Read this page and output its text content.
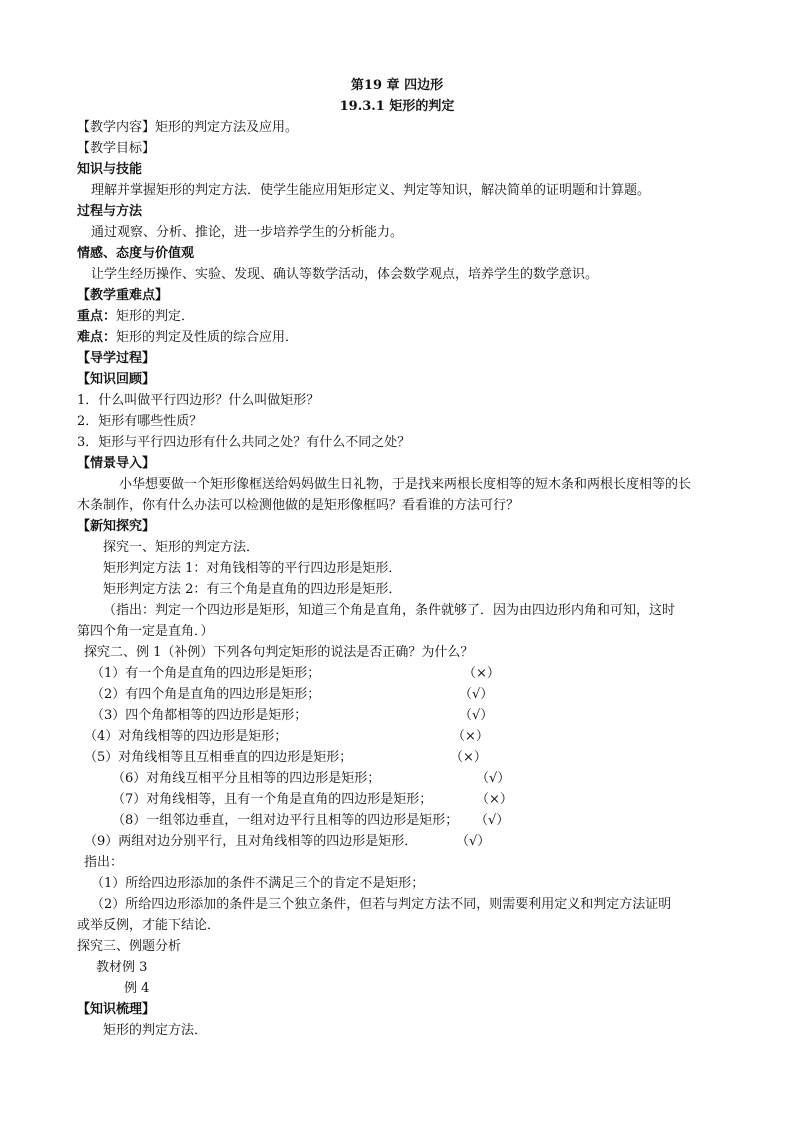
第19 章 四边形
19.3.1 矩形的判定
【教学内容】矩形的判定方法及应用。
【教学目标】
知识与技能
理解并掌握矩形的判定方法．使学生能应用矩形定义、判定等知识，解决简单的证明题和计算题。
过程与方法
通过观察、分析、推论，进一步培养学生的分析能力。
情感、态度与价值观
让学生经历操作、实验、发现、确认等数学活动，体会数学观点，培养学生的数学意识。
【教学重难点】
重点：矩形的判定．
难点：矩形的判定及性质的综合应用．
【导学过程】
【知识回顾】
1．什么叫做平行四边形？什么叫做矩形？
2．矩形有哪些性质？
3．矩形与平行四边形有什么共同之处？有什么不同之处？
【情景导入】
小华想要做一个矩形像框送给妈妈做生日礼物，于是找来两根长度相等的短木条和两根长度相等的长
木条制作，你有什么办法可以检测他做的是矩形像框吗？看看谁的方法可行？
【新知探究】
探究一、矩形的判定方法．
矩形判定方法 1：对角钱相等的平行四边形是矩形．
矩形判定方法 2：有三个角是直角的四边形是矩形．
（指出：判定一个四边形是矩形，知道三个角是直角，条件就够了．因为由四边形内角和可知，这时
第四个角一定是直角．）
探究二、例 1（补例）下列各句判定矩形的说法是否正确？为什么？
（1）有一个角是直角的四边形是矩形；	（×）
（2）有四个角是直角的四边形是矩形；	（√）
（3）四个角都相等的四边形是矩形；	（√）
（4）对角线相等的四边形是矩形；	（×）
（5）对角线相等且互相垂直的四边形是矩形；	（×）
（6）对角线互相平分且相等的四边形是矩形；	（√）
（7）对角线相等，且有一个角是直角的四边形是矩形；	（×）
（8）一组邻边垂直，一组对边平行且相等的四边形是矩形； （√）
（9）两组对边分别平行，且对角线相等的四边形是矩形．	（√）
指出：
（1）所给四边形添加的条件不满足三个的肯定不是矩形；
（2）所给四边形添加的条件是三个独立条件，但若与判定方法不同，则需要利用定义和判定方法证明
或举反例，才能下结论．
探究三、例题分析
教材例 3
例 4
【知识梳理】
矩形的判定方法．
